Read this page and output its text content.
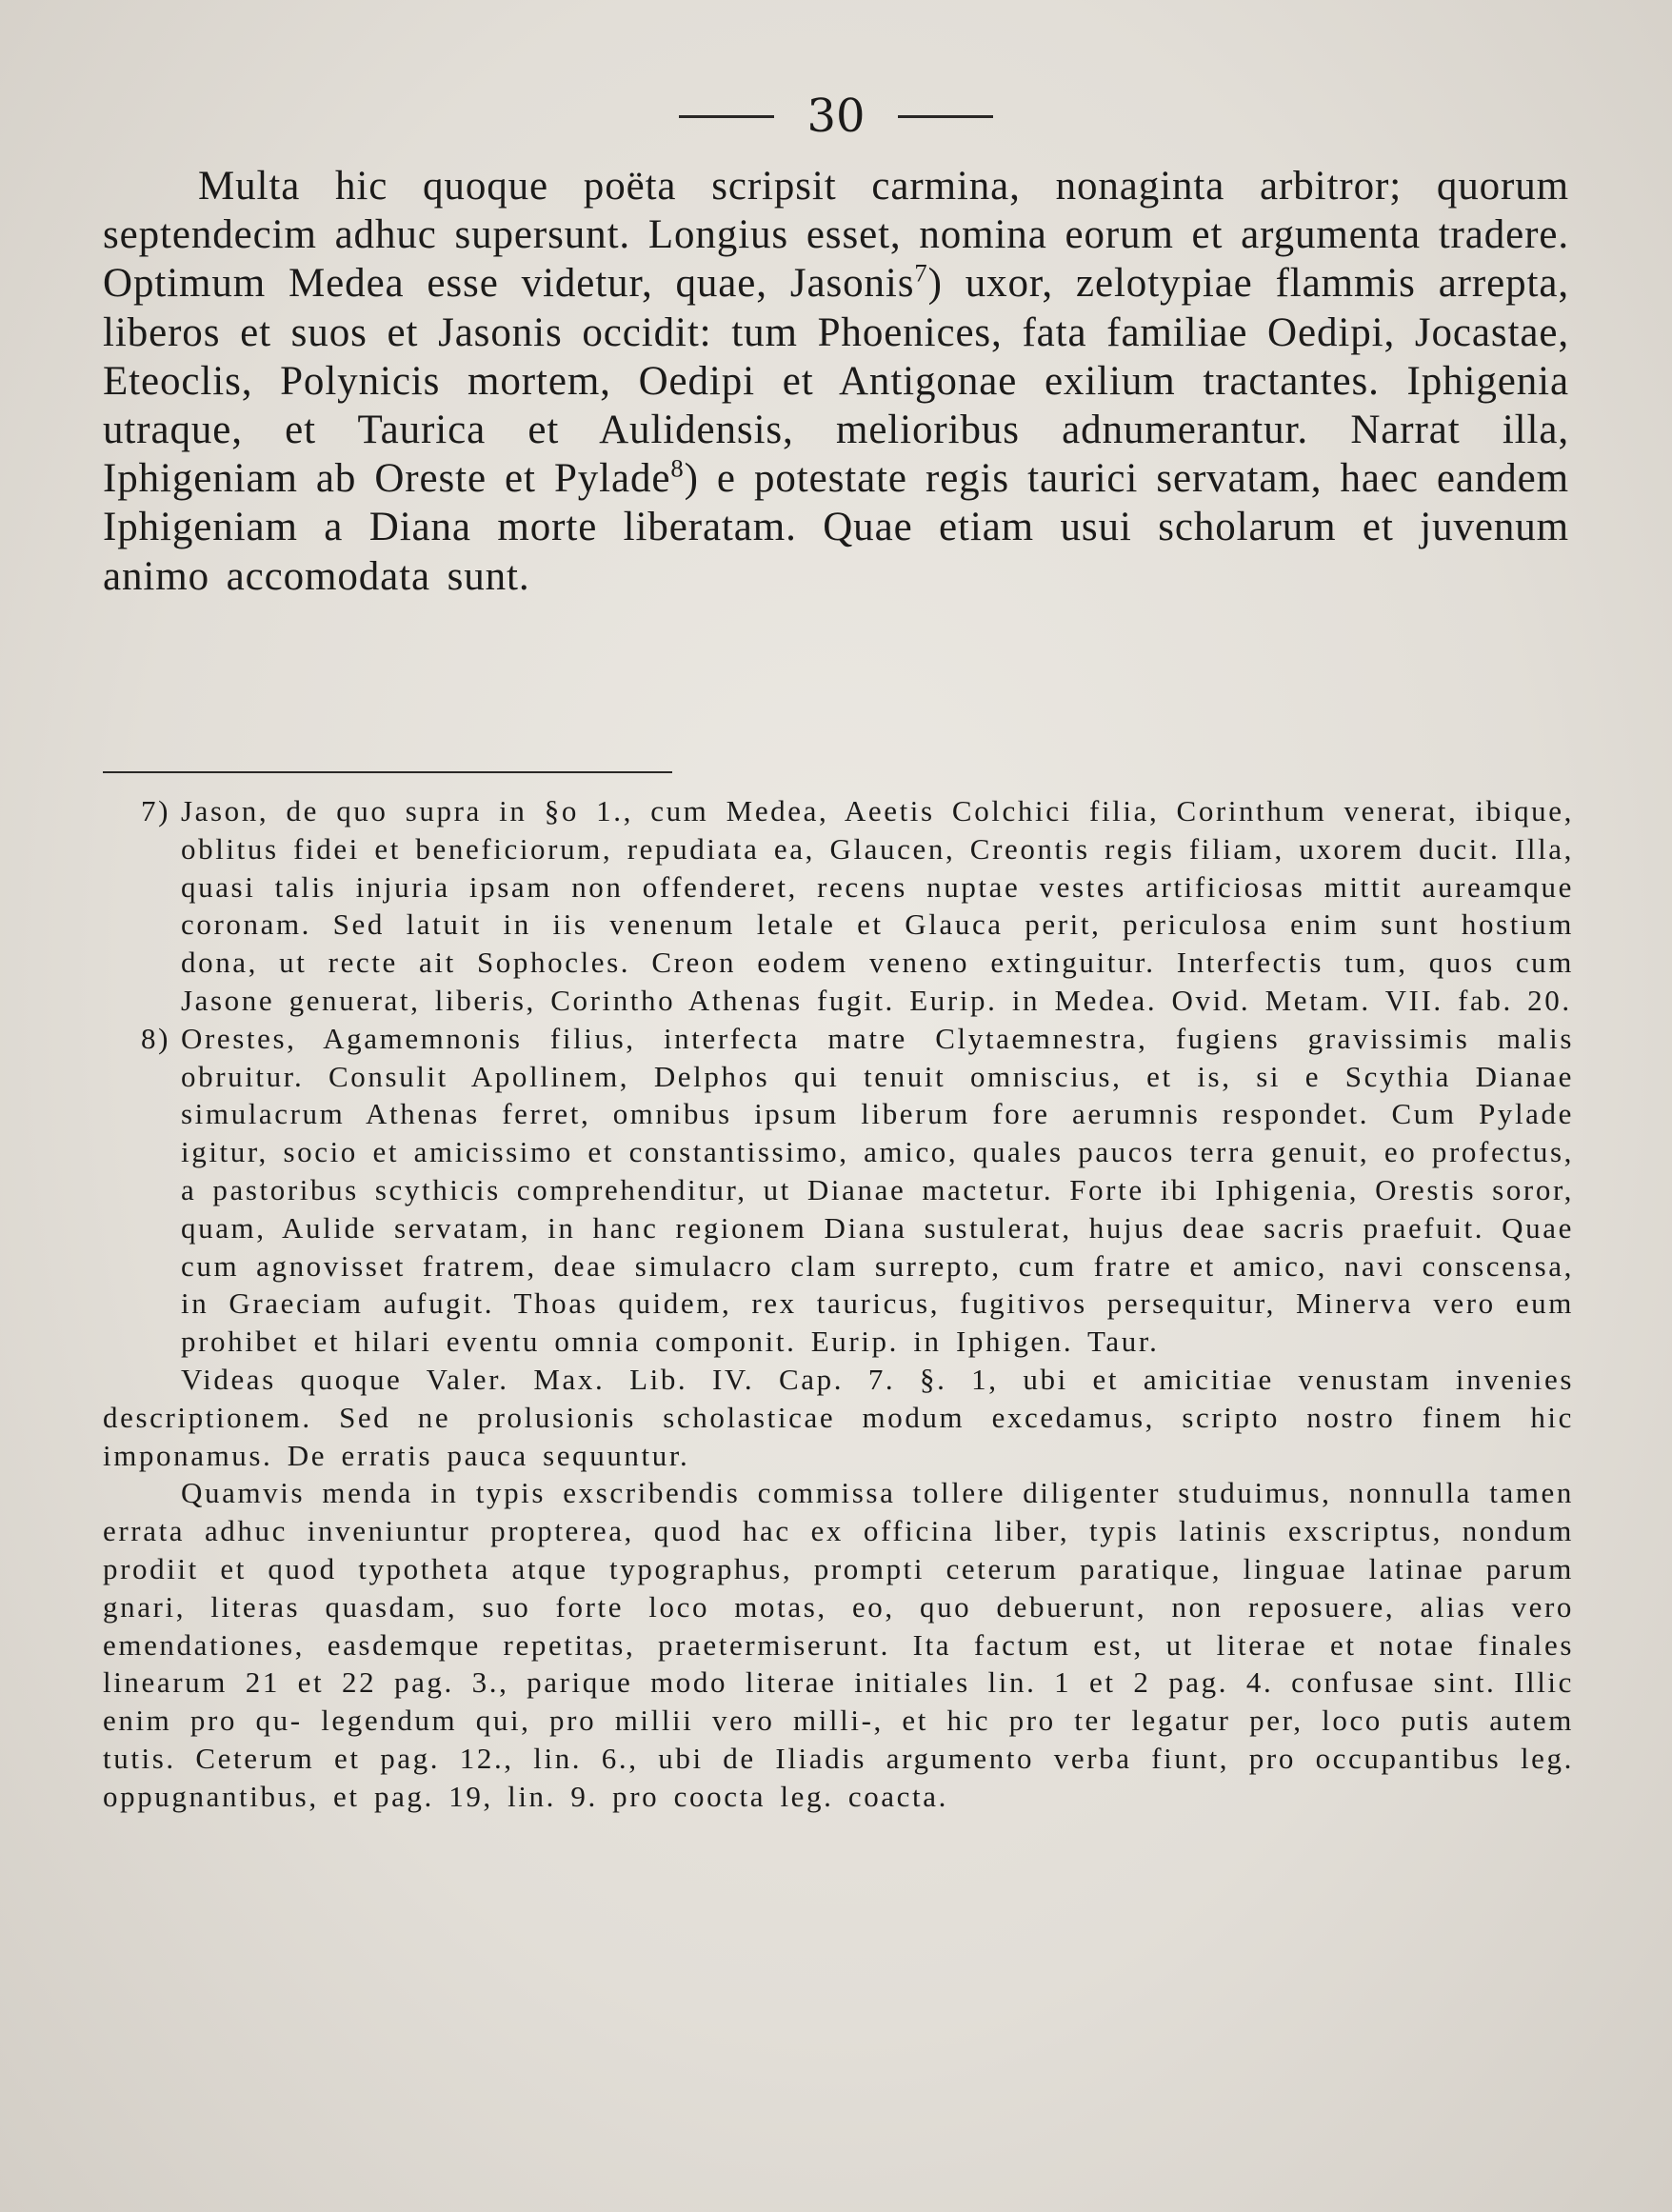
30

Multa hic quoque poëta scripsit carmina, nonaginta arbitror; quorum septendecim adhuc supersunt. Longius esset, nomina eorum et argumenta tradere. Optimum Medea esse videtur, quae, Jasonis$^7$) uxor, zelotypiae flammis arrepta, liberos et suos et Jasonis occidit: tum Phoenices, fata familiae Oedipi, Jocastae, Eteoclis, Polynicis mortem, Oedipi et Antigonae exilium tractantes. Iphigenia utraque, et Taurica et Aulidensis, melioribus adnumerantur. Narrat illa, Iphigeniam ab Oreste et Pylade$^8$) e potestate regis taurici servatam, haec eandem Iphigeniam a Diana morte liberatam. Quae etiam usui scholarum et juvenum animo accomodata sunt.

7) Jason, de quo supra in §o 1., cum Medea, Aeetis Colchici filia, Corinthum venerat, ibique, oblitus fidei et beneficiorum, repudiata ea, Glaucen, Creontis regis filiam, uxorem ducit. Illa, quasi talis injuria ipsam non offenderet, recens nuptae vestes artificiosas mittit aureamque coronam. Sed latuit in iis venenum letale et Glauca perit, periculosa enim sunt hostium dona, ut recte ait Sophocles. Creon eodem veneno extinguitur. Interfectis tum, quos cum Jasone genuerat, liberis, Corintho Athenas fugit. Eurip. in Medea. Ovid. Metam. VII. fab. 20.

8) Orestes, Agamemnonis filius, interfecta matre Clytaemnestra, fugiens gravissimis malis obruitur. Consulit Apollinem, Delphos qui tenuit omniscius, et is, si e Scythia Dianae simulacrum Athenas ferret, omnibus ipsum liberum fore aerumnis respondet. Cum Pylade igitur, socio et amicissimo et constantissimo, amico, quales paucos terra genuit, eo profectus, a pastoribus scythicis comprehenditur, ut Dianae mactetur. Forte ibi Iphigenia, Orestis soror, quam, Aulide servatam, in hanc regionem Diana sustulerat, hujus deae sacris praefuit. Quae cum agnovisset fratrem, deae simulacro clam surrepto, cum fratre et amico, navi conscensa, in Graeciam aufugit. Thoas quidem, rex tauricus, fugitivos persequitur, Minerva vero eum prohibet et hilari eventu omnia componit. Eurip. in Iphigen. Taur.

Videas quoque Valer. Max. Lib. IV. Cap. 7. §. 1, ubi et amicitiae venustam invenies descriptionem. Sed ne prolusionis scholasticae modum excedamus, scripto nostro finem hic imponamus. De erratis pauca sequuntur.

Quamvis menda in typis exscribendis commissa tollere diligenter studuimus, nonnulla tamen errata adhuc inveniuntur propterea, quod hac ex officina liber, typis latinis exscriptus, nondum prodiit et quod typotheta atque typographus, prompti ceterum paratique, linguae latinae parum gnari, literas quasdam, suo forte loco motas, eo, quo debuerunt, non reposuere, alias vero emendationes, easdemque repetitas, praetermiserunt. Ita factum est, ut literae et notae finales linearum 21 et 22 pag. 3., parique modo literae initiales lin. 1 et 2 pag. 4. confusae sint. Illic enim pro qu- legendum qui, pro millii vero milli-, et hic pro ter legatur per, loco putis autem tutis. Ceterum et pag. 12., lin. 6., ubi de Iliadis argumento verba fiunt, pro occupantibus leg. oppugnantibus, et pag. 19, lin. 9. pro coocta leg. coacta.
